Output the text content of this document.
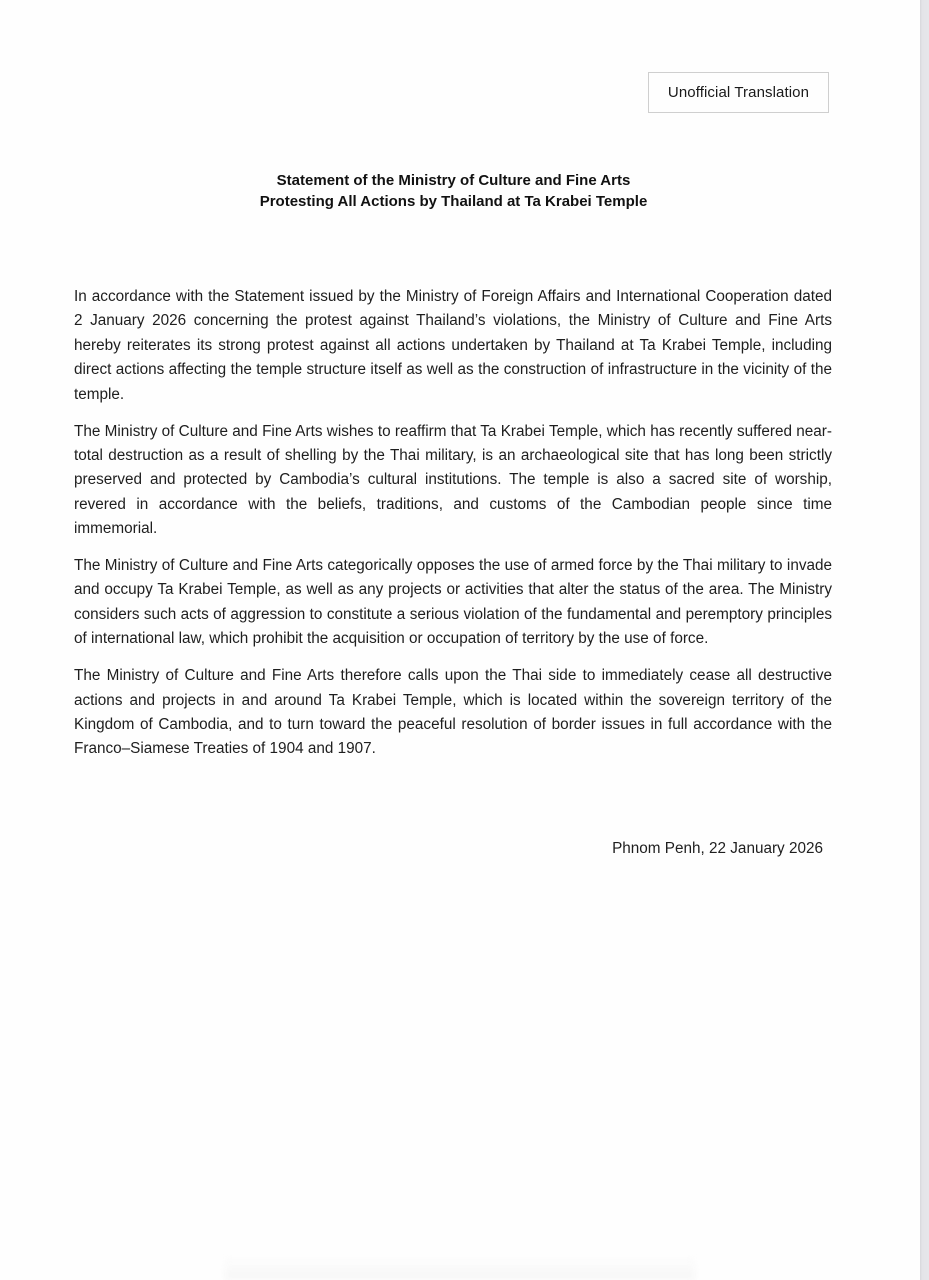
Unofficial Translation
Statement of the Ministry of Culture and Fine Arts
Protesting All Actions by Thailand at Ta Krabei Temple

In accordance with the Statement issued by the Ministry of Foreign Affairs and International Cooperation dated 2 January 2026 concerning the protest against Thailand’s violations, the Ministry of Culture and Fine Arts hereby reiterates its strong protest against all actions undertaken by Thailand at Ta Krabei Temple, including direct actions affecting the temple structure itself as well as the construction of infrastructure in the vicinity of the temple.

The Ministry of Culture and Fine Arts wishes to reaffirm that Ta Krabei Temple, which has recently suffered near-total destruction as a result of shelling by the Thai military, is an archaeological site that has long been strictly preserved and protected by Cambodia’s cultural institutions. The temple is also a sacred site of worship, revered in accordance with the beliefs, traditions, and customs of the Cambodian people since time immemorial.

The Ministry of Culture and Fine Arts categorically opposes the use of armed force by the Thai military to invade and occupy Ta Krabei Temple, as well as any projects or activities that alter the status of the area. The Ministry considers such acts of aggression to constitute a serious violation of the fundamental and peremptory principles of international law, which prohibit the acquisition or occupation of territory by the use of force.

The Ministry of Culture and Fine Arts therefore calls upon the Thai side to immediately cease all destructive actions and projects in and around Ta Krabei Temple, which is located within the sovereign territory of the Kingdom of Cambodia, and to turn toward the peaceful resolution of border issues in full accordance with the Franco–Siamese Treaties of 1904 and 1907.

Phnom Penh, 22 January 2026
